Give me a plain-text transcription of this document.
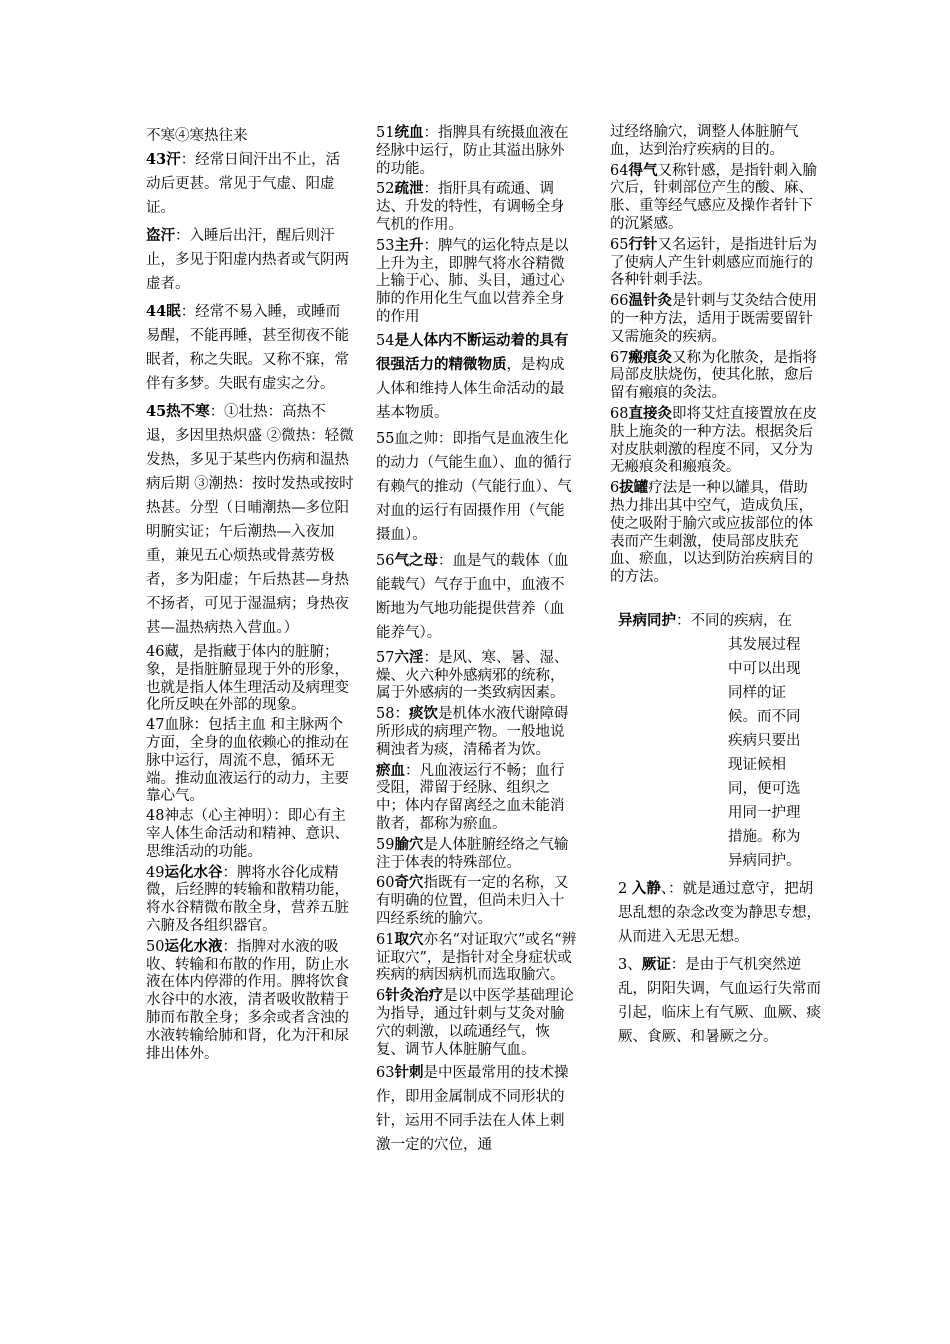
不寒④寒热往来

43汗：经常日间汗出不止，活动后更甚。常见于气虚、阳虚证。

盗汗：入睡后出汗，醒后则汗止，多见于阳虚内热者或气阴两虚者。

44眠：经常不易入睡，或睡而易醒，不能再睡，甚至彻夜不能眠者，称之失眠。又称不寐，常伴有多梦。失眠有虚实之分。

45热不寒：①壮热：高热不退，多因里热炽盛 ②微热：轻微发热，多见于某些内伤病和温热病后期 ③潮热：按时发热或按时热甚。分型（日晡潮热—多位阳明腑实证；午后潮热—入夜加重，兼见五心烦热或骨蒸劳极者，多为阳虚；午后热甚—身热不扬者，可见于湿温病；身热夜甚—温热病热入营血。）

46藏，是指藏于体内的脏腑；象，是指脏腑显现于外的形象，也就是指人体生理活动及病理变化所反映在外部的现象。

47血脉：包括主血 和主脉两个方面，全身的血依赖心的推动在脉中运行，周流不息，循环无端。推动血液运行的动力，主要靠心气。

48神志（心主神明）：即心有主宰人体生命活动和精神、意识、思维活动的功能。

49运化水谷：脾将水谷化成精微，后经脾的转输和散精功能，将水谷精微布散全身，营养五脏六腑及各组织器官。

50运化水液：指脾对水液的吸收、转输和布散的作用，防止水液在体内停滞的作用。脾将饮食水谷中的水液，清者吸收散精于肺而布散全身；多余或者含浊的水液转输给肺和肾，化为汗和尿排出体外。

51统血：指脾具有统摄血液在经脉中运行，防止其溢出脉外的功能。

52疏泄：指肝具有疏通、调达、升发的特性，有调畅全身气机的作用。

53主升：脾气的运化特点是以上升为主，即脾气将水谷精微上输于心、肺、头目，通过心肺的作用化生气血以营养全身的作用

54是人体内不断运动着的具有很强活力的精微物质，是构成人体和维持人体生命活动的最基本物质。

55血之帅：即指气是血液生化的动力（气能生血）、血的循行有赖气的推动（气能行血）、气对血的运行有固摄作用（气能摄血）。

56气之母：血是气的载体（血能载气）气存于血中，血液不断地为气地功能提供营养（血能养气）。

57六淫：是风、寒、暑、湿、燥、火六种外感病邪的统称，属于外感病的一类致病因素。

58：痰饮是机体水液代谢障碍所形成的病理产物。一般地说稠浊者为痰，清稀者为饮。

瘀血：凡血液运行不畅；血行受阻，滞留于经脉、组织之中；体内存留离经之血未能消散者，都称为瘀血。

59腧穴是人体脏腑经络之气输注于体表的特殊部位。

60奇穴指既有一定的名称，又有明确的位置，但尚未归入十四经系统的腧穴。

61取穴亦名“对证取穴”或名“辨证取穴”，是指针对全身症状或疾病的病因病机而选取腧穴。

6针灸治疗是以中医学基础理论为指导，通过针刺与艾灸对腧穴的刺激，以疏通经气，恢复、调节人体脏腑气血。

63针刺是中医最常用的技术操作，即用金属制成不同形状的针，运用不同手法在人体上刺激一定的穴位，通

过经络腧穴，调整人体脏腑气血，达到治疗疾病的目的。

64得气又称针感，是指针刺入腧穴后，针刺部位产生的酸、麻、胀、重等经气感应及操作者针下的沉紧感。

65行针又名运针，是指进针后为了使病人产生针刺感应而施行的各种针刺手法。

66温针灸是针刺与艾灸结合使用的一种方法，适用于既需要留针又需施灸的疾病。

67瘢痕灸又称为化脓灸，是指将局部皮肤烧伤，使其化脓，愈后留有瘢痕的灸法。

68直接灸即将艾炷直接置放在皮肤上施灸的一种方法。根据灸后对皮肤刺激的程度不同，又分为无瘢痕灸和瘢痕灸。

6拔罐疗法是一种以罐具，借助热力排出其中空气，造成负压，使之吸附于腧穴或应拔部位的体表而产生刺激，使局部皮肤充血、瘀血，以达到防治疾病目的的方法。

异病同护：不同的疾病，在
其发展过程中可以出现同样的证候。而不同疾病只要出现证候相同，便可选用同一护理措施。称为异病同护。

2 入静、：就是通过意守，把胡思乱想的杂念改变为静思专想，从而进入无思无想。

3、厥证：是由于气机突然逆乱，阴阳失调，气血运行失常而引起，临床上有气厥、血厥、痰厥、食厥、和暑厥之分。
